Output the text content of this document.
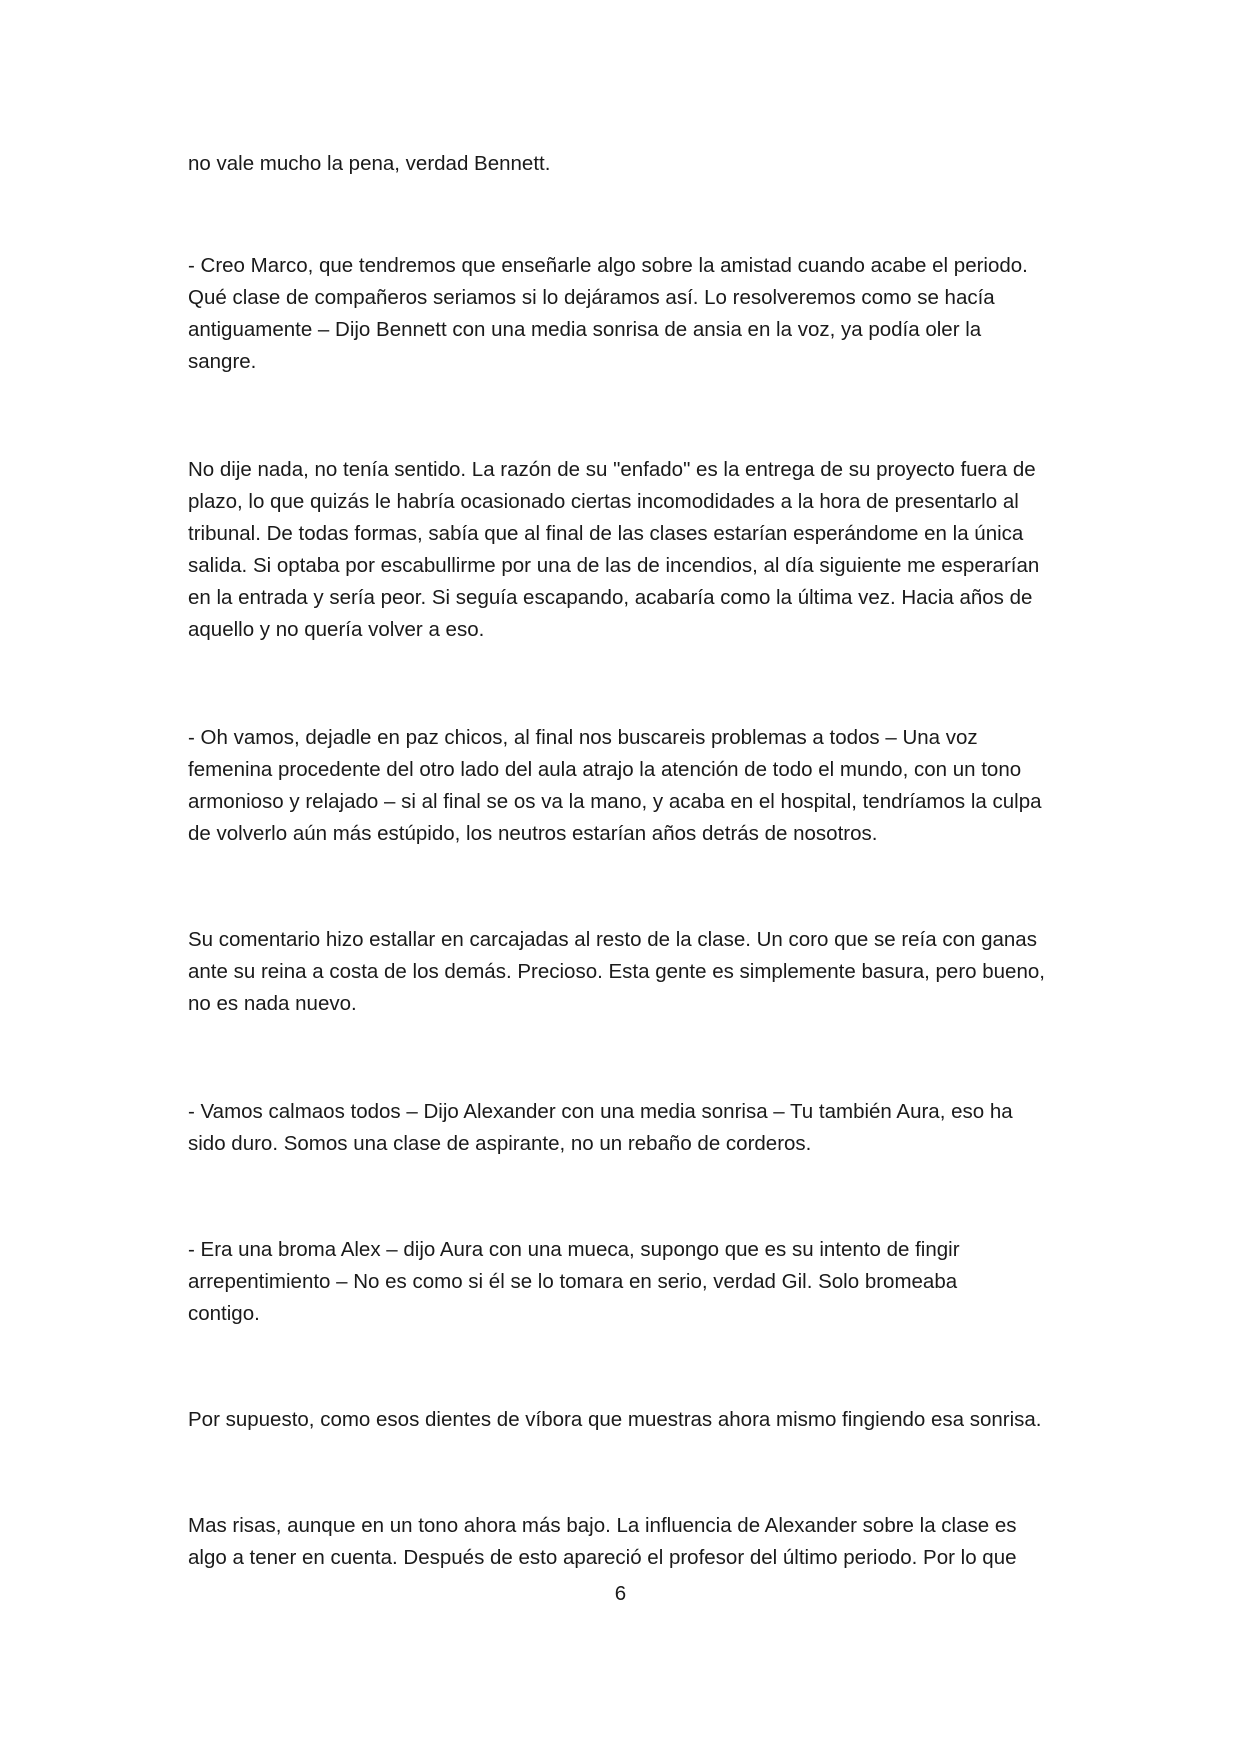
no vale mucho la pena, verdad Bennett.

- Creo Marco, que tendremos que enseñarle algo sobre la amistad cuando acabe el periodo.
Qué clase de compañeros seriamos si lo dejáramos así. Lo resolveremos como se hacía
antiguamente – Dijo Bennett con una media sonrisa de ansia en la voz, ya podía oler la
sangre.

No dije nada, no tenía sentido. La razón de su "enfado" es la entrega de su proyecto fuera de
plazo, lo que quizás le habría ocasionado ciertas incomodidades a la hora de presentarlo al
tribunal. De todas formas, sabía que al final de las clases estarían esperándome en la única
salida. Si optaba por escabullirme por una de las de incendios, al día siguiente me esperarían
en la entrada y sería peor. Si seguía escapando, acabaría como la última vez. Hacia años de
aquello y no quería volver a eso.

- Oh vamos, dejadle en paz chicos, al final nos buscareis problemas a todos – Una voz
femenina procedente del otro lado del aula atrajo la atención de todo el mundo, con un tono
armonioso y relajado – si al final se os va la mano, y acaba en el hospital, tendríamos la culpa
de volverlo aún más estúpido, los neutros estarían años detrás de nosotros.

Su comentario hizo estallar en carcajadas al resto de la clase. Un coro que se reía con ganas
ante su reina a costa de los demás. Precioso. Esta gente es simplemente basura, pero bueno,
no es nada nuevo.

- Vamos calmaos todos – Dijo Alexander con una media sonrisa – Tu también Aura, eso ha
sido duro. Somos una clase de aspirante, no un rebaño de corderos.

- Era una broma Alex – dijo Aura con una mueca, supongo que es su intento de fingir
arrepentimiento – No es como si él se lo tomara en serio, verdad Gil. Solo bromeaba
contigo.

Por supuesto, como esos dientes de víbora que muestras ahora mismo fingiendo esa sonrisa.

Mas risas, aunque en un tono ahora más bajo. La influencia de Alexander sobre la clase es
algo a tener en cuenta. Después de esto apareció el profesor del último periodo. Por lo que

6
